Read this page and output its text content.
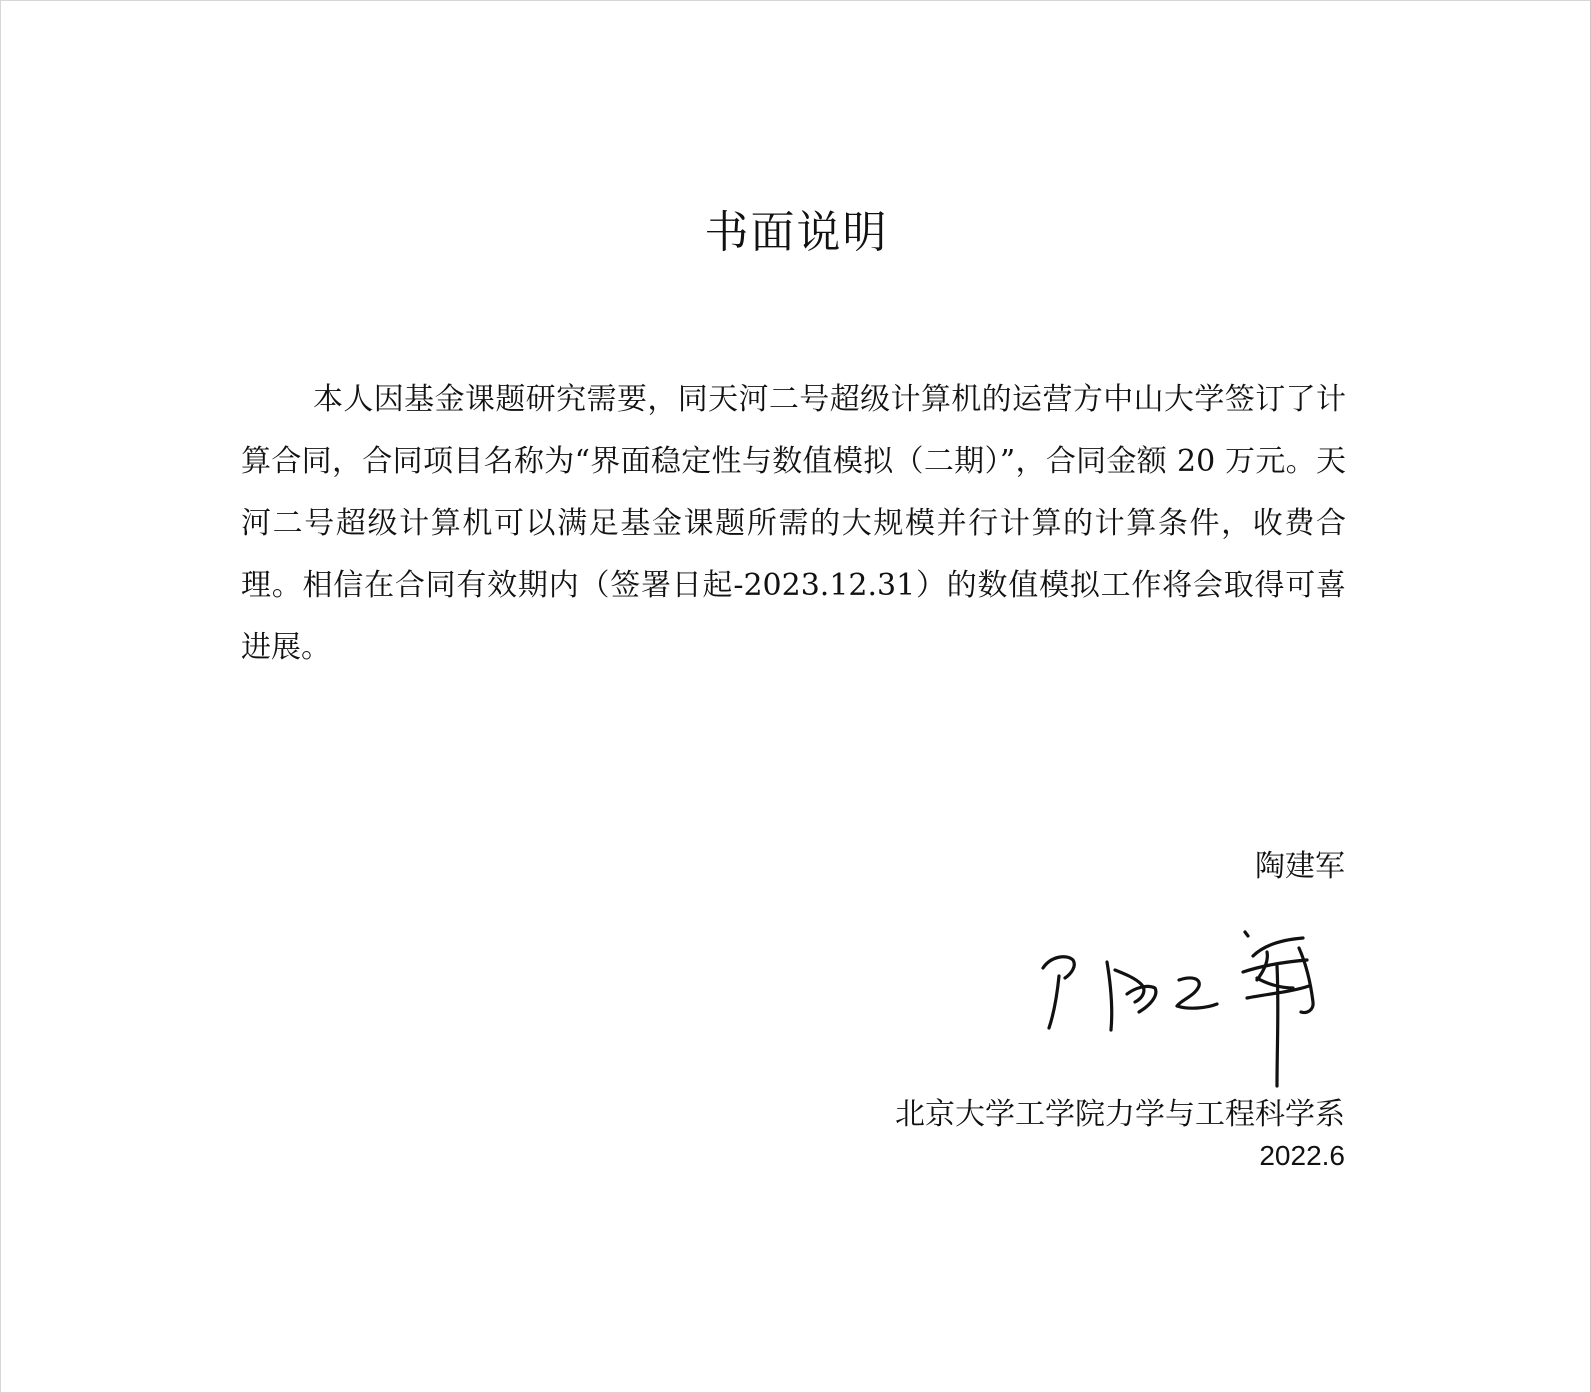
书面说明

本人因基金课题研究需要，同天河二号超级计算机的运营方中山大学签订了计算合同，合同项目名称为“界面稳定性与数值模拟（二期）”，合同金额 20 万元。天河二号超级计算机可以满足基金课题所需的大规模并行计算的计算条件，收费合理。相信在合同有效期内（签署日起-2023.12.31）的数值模拟工作将会取得可喜进展。

陶建军
北京大学工学院力学与工程科学系
2022.6
